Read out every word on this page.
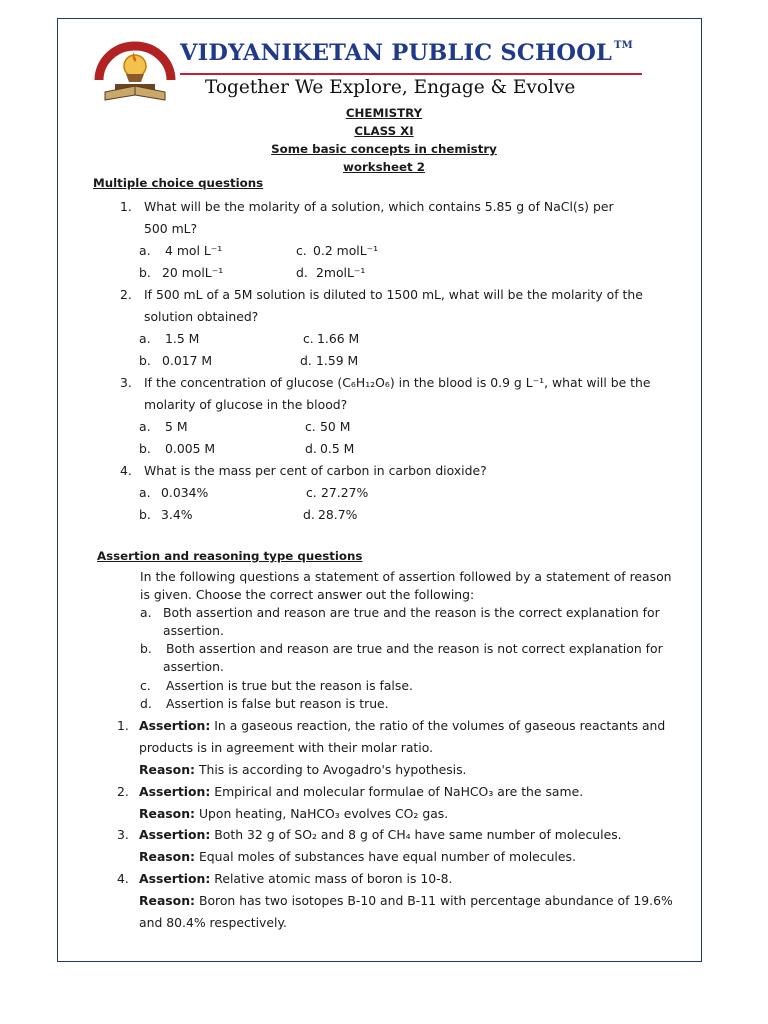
VIDYANIKETAN PUBLIC SCHOOL ™
Together We Explore, Engage & Evolve
CHEMISTRY
CLASS XI
Some basic concepts in chemistry
worksheet 2
Multiple choice questions
1. What will be the molarity of a solution, which contains 5.85 g of NaCl(s) per
500 mL?
a. 4 mol L⁻¹	c. 0.2 molL⁻¹
b. 20 molL⁻¹	d. 2molL⁻¹
2. If 500 mL of a 5M solution is diluted to 1500 mL, what will be the molarity of the
solution obtained?
a. 1.5 M	c. 1.66 M
b. 0.017 M	d. 1.59 M
3. If the concentration of glucose (C₆H₁₂O₆) in the blood is 0.9 g L⁻¹, what will be the
molarity of glucose in the blood?
a. 5 M	c. 50 M
b. 0.005 M	d. 0.5 M
4. What is the mass per cent of carbon in carbon dioxide?
a. 0.034%	c. 27.27%
b. 3.4%	d. 28.7%
Assertion and reasoning type questions
In the following questions a statement of assertion followed by a statement of reason
is given. Choose the correct answer out the following:
a. Both assertion and reason are true and the reason is the correct explanation for
assertion.
b. Both assertion and reason are true and the reason is not correct explanation for
assertion.
c. Assertion is true but the reason is false.
d. Assertion is false but reason is true.
1. Assertion: In a gaseous reaction, the ratio of the volumes of gaseous reactants and
products is in agreement with their molar ratio.
Reason: This is according to Avogadro's hypothesis.
2. Assertion: Empirical and molecular formulae of NaHCO₃ are the same.
Reason: Upon heating, NaHCO₃ evolves CO₂ gas.
3. Assertion: Both 32 g of SO₂ and 8 g of CH₄ have same number of molecules.
Reason: Equal moles of substances have equal number of molecules.
4. Assertion: Relative atomic mass of boron is 10-8.
Reason: Boron has two isotopes B-10 and B-11 with percentage abundance of 19.6%
and 80.4% respectively.
